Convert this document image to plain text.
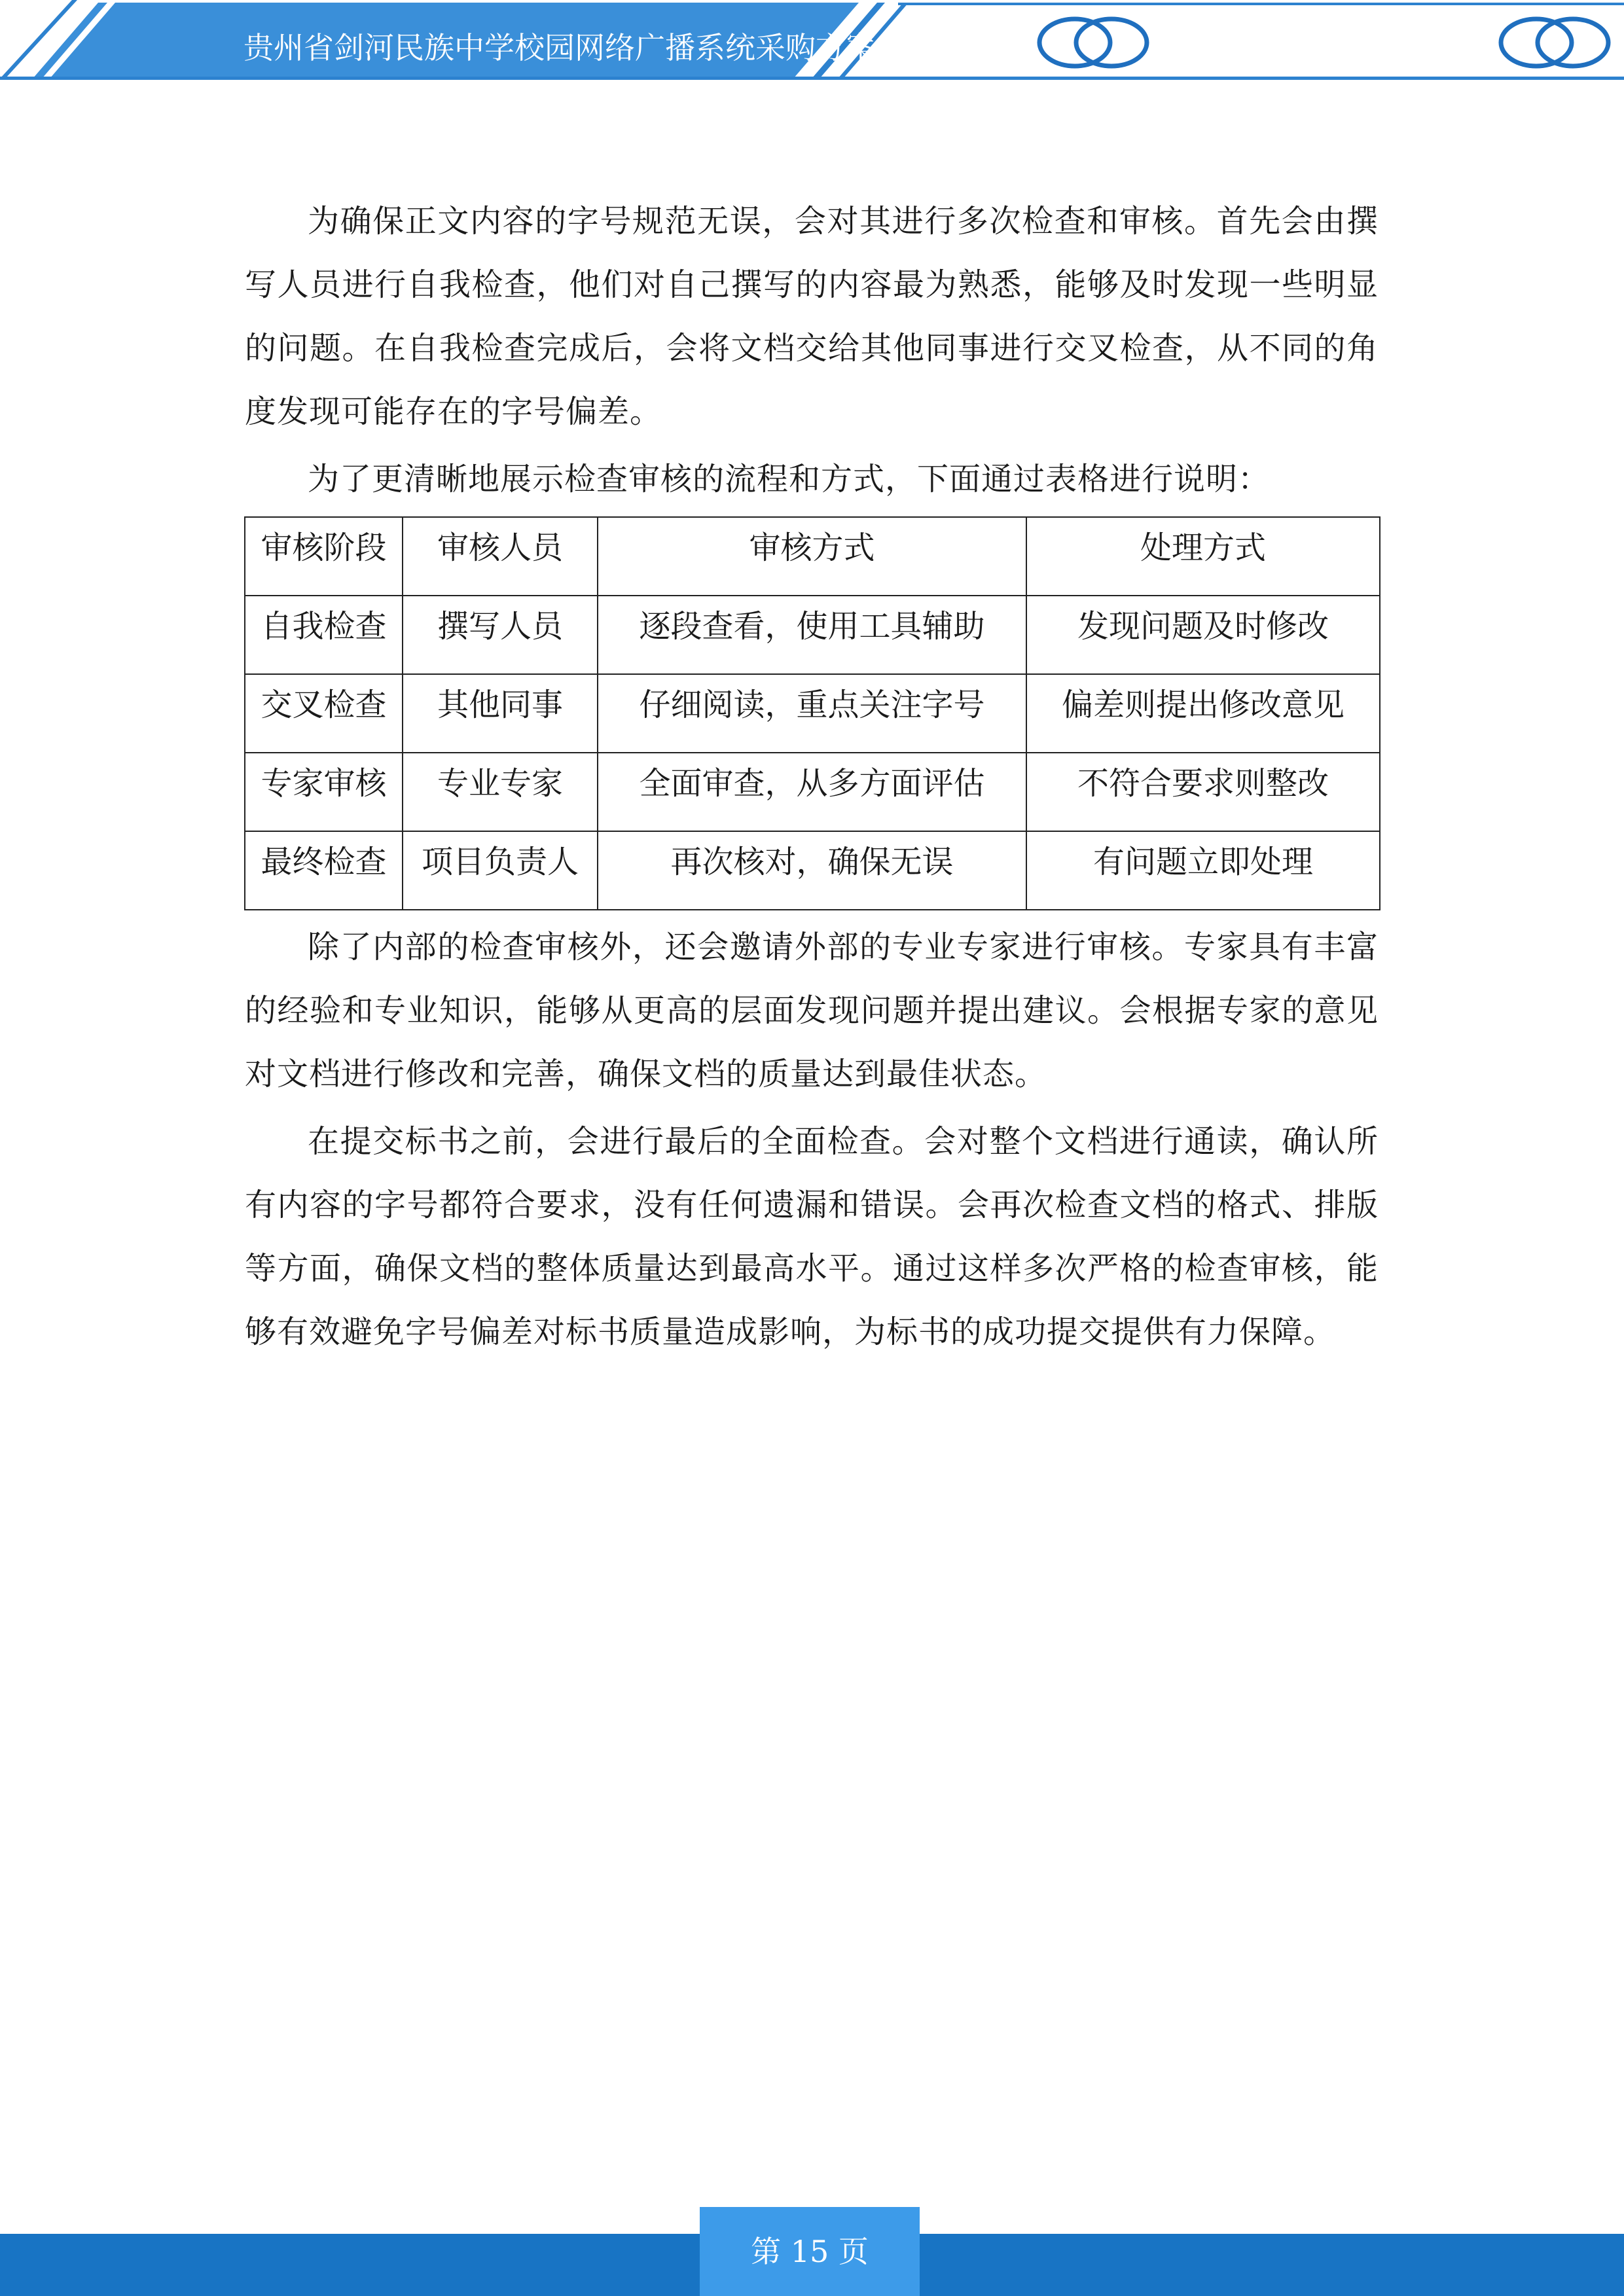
贵州省剑河民族中学校园网络广播系统采购方案

为确保正文内容的字号规范无误，会对其进行多次检查和审核。首先会由撰写人员进行自我检查，他们对自己撰写的内容最为熟悉，能够及时发现一些明显的问题。在自我检查完成后，会将文档交给其他同事进行交叉检查，从不同的角度发现可能存在的字号偏差。

为了更清晰地展示检查审核的流程和方式，下面通过表格进行说明：

审核阶段	审核人员	审核方式	处理方式
自我检查	撰写人员	逐段查看，使用工具辅助	发现问题及时修改
交叉检查	其他同事	仔细阅读，重点关注字号	偏差则提出修改意见
专家审核	专业专家	全面审查，从多方面评估	不符合要求则整改
最终检查	项目负责人	再次核对，确保无误	有问题立即处理

除了内部的检查审核外，还会邀请外部的专业专家进行审核。专家具有丰富的经验和专业知识，能够从更高的层面发现问题并提出建议。会根据专家的意见对文档进行修改和完善，确保文档的质量达到最佳状态。

在提交标书之前，会进行最后的全面检查。会对整个文档进行通读，确认所有内容的字号都符合要求，没有任何遗漏和错误。会再次检查文档的格式、排版等方面，确保文档的整体质量达到最高水平。通过这样多次严格的检查审核，能够有效避免字号偏差对标书质量造成影响，为标书的成功提交提供有力保障。

第 15 页
